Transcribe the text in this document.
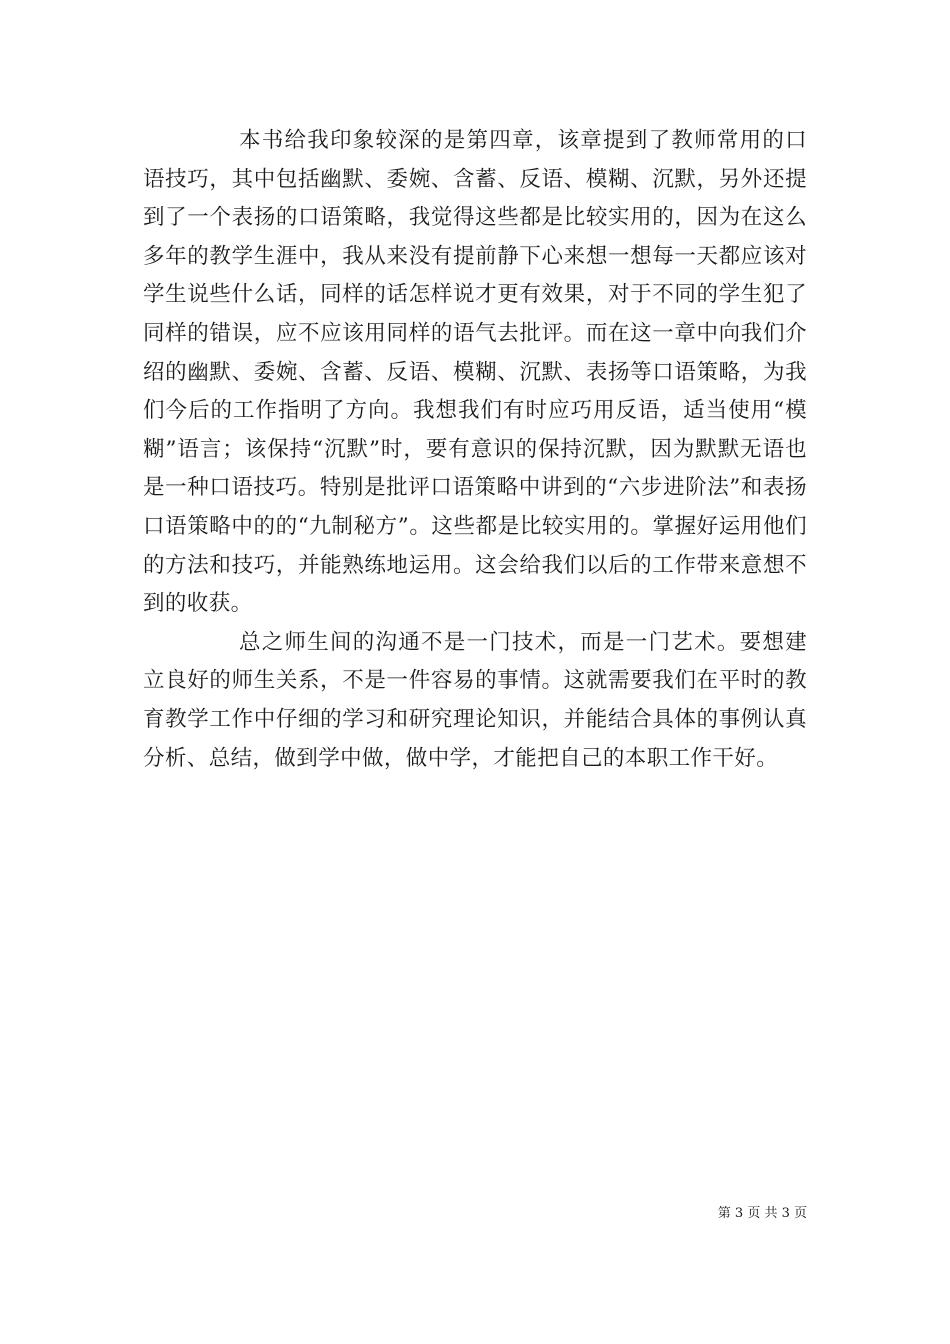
本书给我印象较深的是第四章，该章提到了教师常用的口语技巧，其中包括幽默、委婉、含蓄、反语、模糊、沉默，另外还提到了一个表扬的口语策略，我觉得这些都是比较实用的，因为在这么多年的教学生涯中，我从来没有提前静下心来想一想每一天都应该对学生说些什么话，同样的话怎样说才更有效果，对于不同的学生犯了同样的错误，应不应该用同样的语气去批评。而在这一章中向我们介绍的幽默、委婉、含蓄、反语、模糊、沉默、表扬等口语策略，为我们今后的工作指明了方向。我想我们有时应巧用反语，适当使用“模糊”语言；该保持“沉默”时，要有意识的保持沉默，因为默默无语也是一种口语技巧。特别是批评口语策略中讲到的“六步进阶法”和表扬口语策略中的的“九制秘方”。这些都是比较实用的。掌握好运用他们的方法和技巧，并能熟练地运用。这会给我们以后的工作带来意想不到的收获。

总之师生间的沟通不是一门技术，而是一门艺术。要想建立良好的师生关系，不是一件容易的事情。这就需要我们在平时的教育教学工作中仔细的学习和研究理论知识，并能结合具体的事例认真分析、总结，做到学中做，做中学，才能把自己的本职工作干好。

第 3 页 共 3 页
